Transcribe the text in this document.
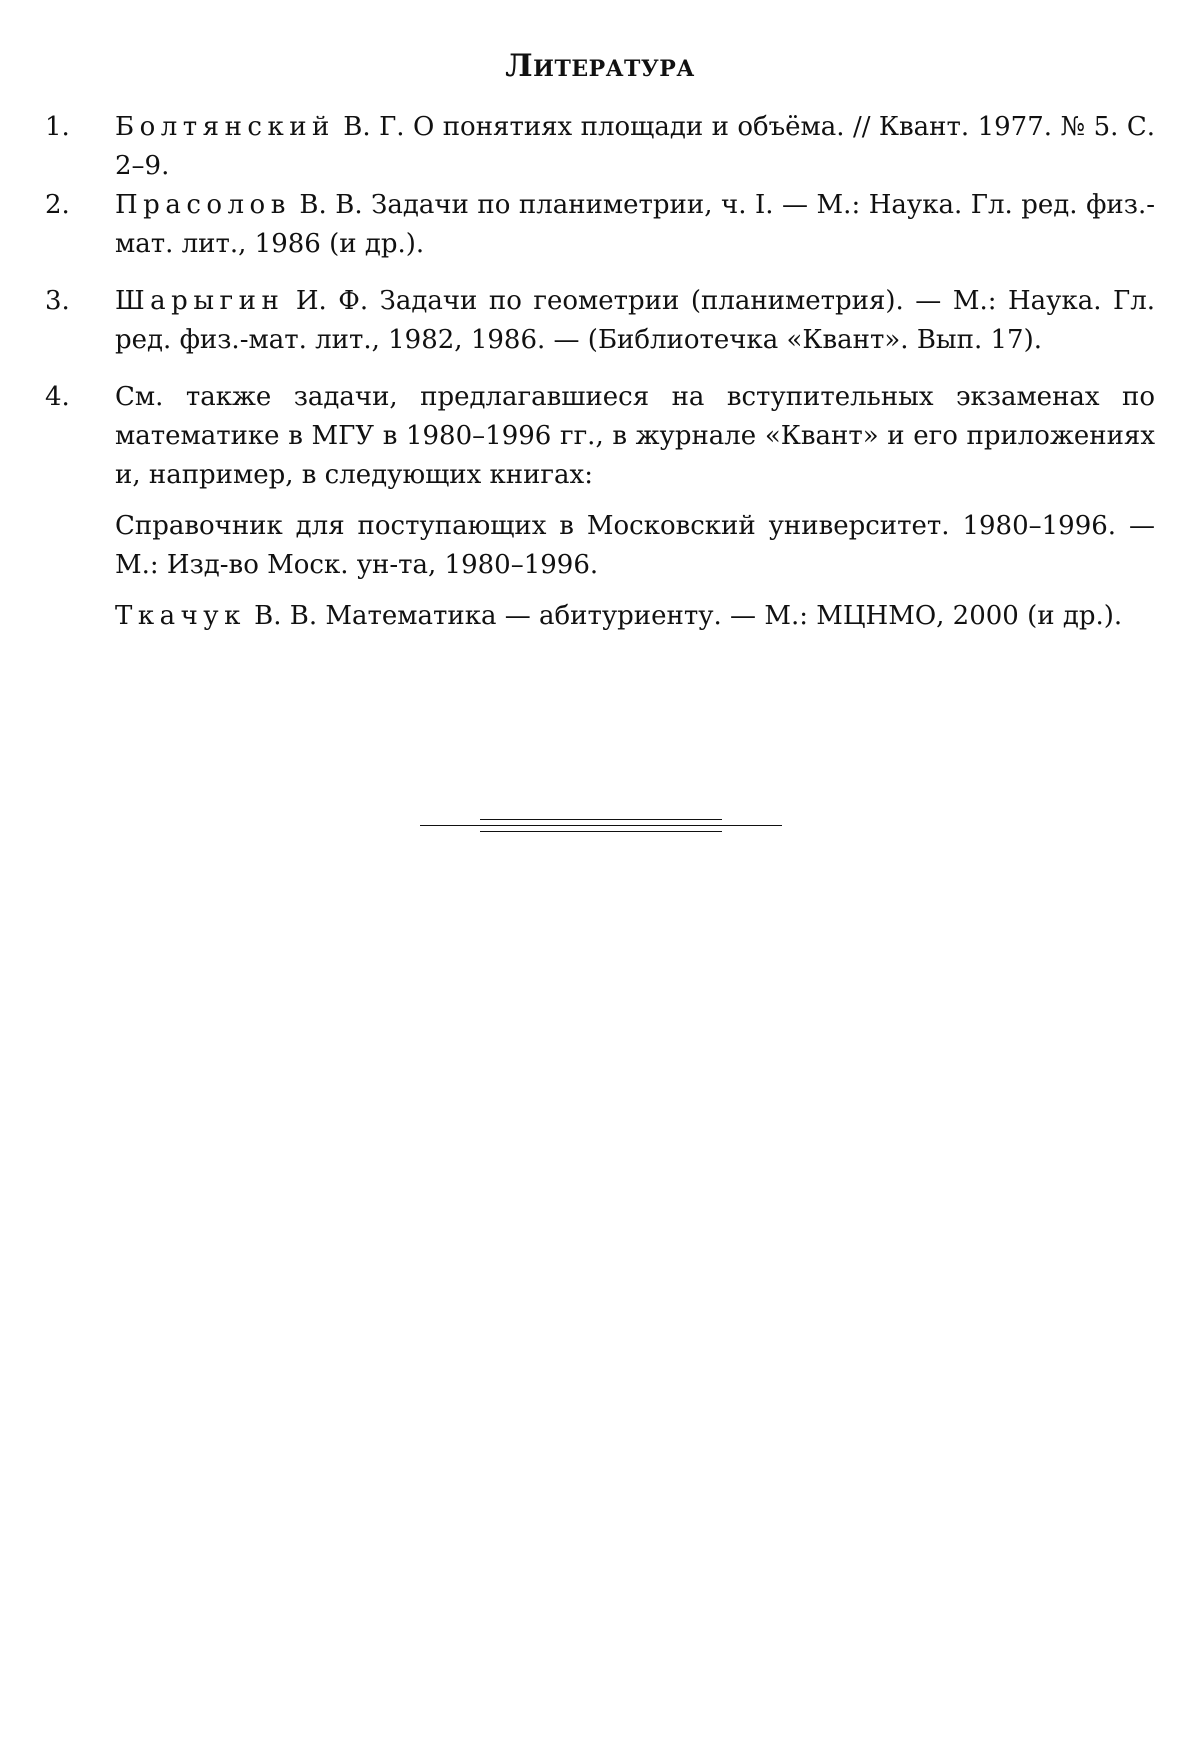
Литература
1.	Болтянский В. Г. О понятиях площади и объёма. // Квант. 1977. № 5. С. 2–9.
2.	Прасолов В. В. Задачи по планиметрии, ч. I. — М.: Наука. Гл. ред. физ.-мат. лит., 1986 (и др.).
3.	Шарыгин И. Ф. Задачи по геометрии (планиметрия). — М.: Наука. Гл. ред. физ.-мат. лит., 1982, 1986. — (Библиотечка «Квант». Вып. 17).
4.	См. также задачи, предлагавшиеся на вступительных экзаменах по математике в МГУ в 1980–1996 гг., в журнале «Квант» и его приложениях и, например, в следующих книгах:

Справочник для поступающих в Московский университет. 1980–1996. — М.: Изд-во Моск. ун-та, 1980–1996.

Ткачук В. В. Математика — абитуриенту. — М.: МЦНМО, 2000 (и др.).
